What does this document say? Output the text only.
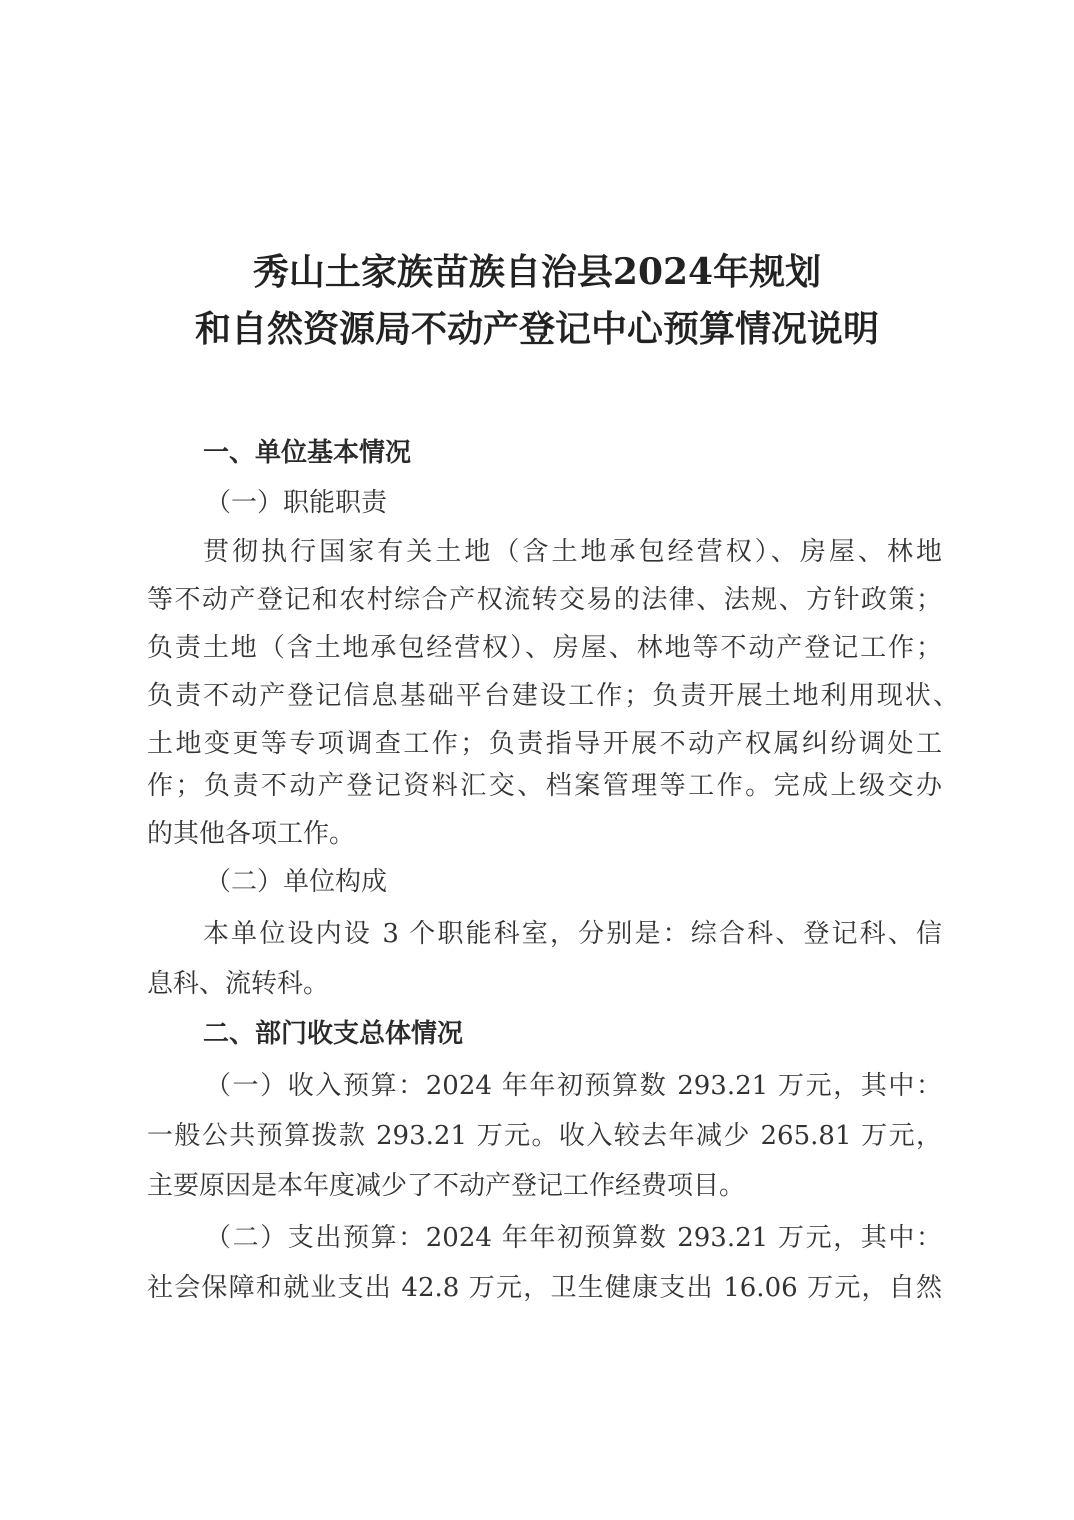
秀山土家族苗族自治县2024年规划
和自然资源局不动产登记中心预算情况说明
一、单位基本情况
（一）职能职责
贯彻执行国家有关土地（含土地承包经营权）、房屋、林地
等不动产登记和农村综合产权流转交易的法律、法规、方针政策；
负责土地（含土地承包经营权）、房屋、林地等不动产登记工作；
负责不动产登记信息基础平台建设工作；负责开展土地利用现状、
土地变更等专项调查工作；负责指导开展不动产权属纠纷调处工
作；负责不动产登记资料汇交、档案管理等工作。完成上级交办
的其他各项工作。
（二）单位构成
本单位设内设 3 个职能科室，分别是：综合科、登记科、信
息科、流转科。
二、部门收支总体情况
（一）收入预算：2024 年年初预算数 293.21 万元，其中：
一般公共预算拨款 293.21 万元。收入较去年减少 265.81 万元，
主要原因是本年度减少了不动产登记工作经费项目。
（二）支出预算：2024 年年初预算数 293.21 万元，其中：
社会保障和就业支出 42.8 万元，卫生健康支出 16.06 万元，自然
